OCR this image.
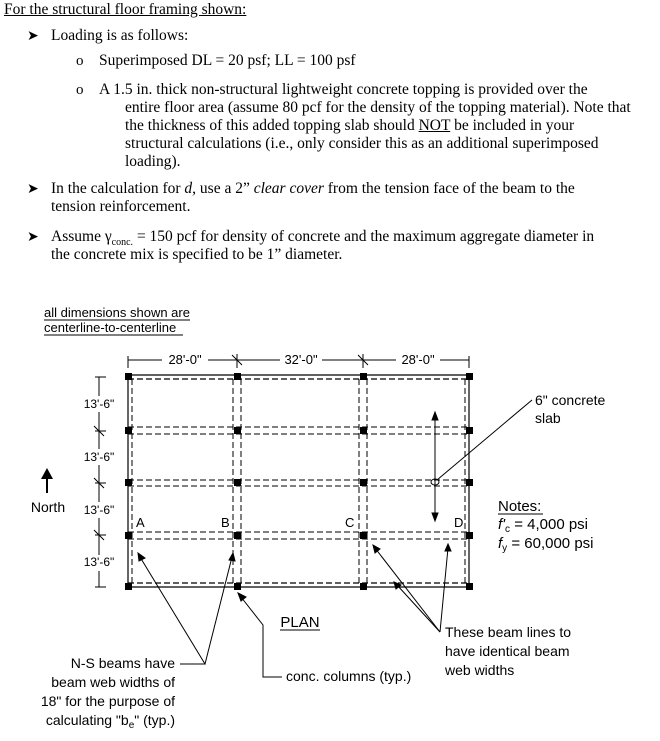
For the structural floor framing shown:
➤ Loading is as follows:
o Superimposed DL = 20 psf; LL = 100 psf
o A 1.5 in. thick non-structural lightweight concrete topping is provided over the
entire floor area (assume 80 pcf for the density of the topping material). Note that
the thickness of this added topping slab should NOT be included in your
structural calculations (i.e., only consider this as an additional superimposed
loading).
➤ In the calculation for d, use a 2” clear cover from the tension face of the beam to the
tension reinforcement.
➤ Assume $\gamma_{conc.} = 150$ pcf for density of concrete and the maximum aggregate diameter in
the concrete mix is specified to be 1” diameter.
all dimensions shown are
centerline-to-centerline
28'-0"	32'-0"	28'-0"
13'-6"
13'-6"
13'-6"
13'-6"
North
A	B	C	D
6" concrete
slab
Notes:
$f'_c = 4,000$ psi
$f_y = 60,000$ psi
PLAN
These beam lines to
have identical beam
web widths
N-S beams have
beam web widths of
18" for the purpose of
calculating "$b_e$" (typ.)
conc. columns (typ.)
